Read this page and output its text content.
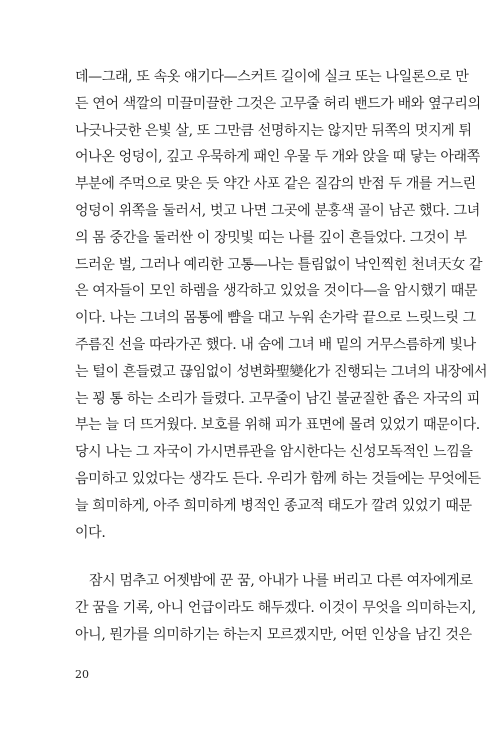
데—그래, 또 속옷 얘기다—스커트 길이에 실크 또는 나일론으로 만
든 연어 색깔의 미끌미끌한 그것은 고무줄 허리 밴드가 배와 옆구리의
나긋나긋한 은빛 살, 또 그만큼 선명하지는 않지만 뒤쪽의 멋지게 튀
어나온 엉덩이, 깊고 우묵하게 패인 우물 두 개와 앉을 때 닿는 아래쪽
부분에 주먹으로 맞은 듯 약간 사포 같은 질감의 반점 두 개를 거느린
엉덩이 위쪽을 둘러서, 벗고 나면 그곳에 분홍색 골이 남곤 했다. 그녀
의 몸 중간을 둘러싼 이 장밋빛 띠는 나를 깊이 흔들었다. 그것이 부
드러운 벌, 그러나 예리한 고통—나는 틀림없이 낙인찍힌 천녀天女 같
은 여자들이 모인 하렘을 생각하고 있었을 것이다—을 암시했기 때문
이다. 나는 그녀의 몸통에 뺨을 대고 누워 손가락 끝으로 느릿느릿 그
주름진 선을 따라가곤 했다. 내 숨에 그녀 배 밑의 거무스름하게 빛나
는 털이 흔들렸고 끊임없이 성변화聖變化가 진행되는 그녀의 내장에서
는 꾕 통 하는 소리가 들렸다. 고무줄이 남긴 불균질한 좁은 자국의 피
부는 늘 더 뜨거웠다. 보호를 위해 피가 표면에 몰려 있었기 때문이다.
당시 나는 그 자국이 가시면류관을 암시한다는 신성모독적인 느낌을
음미하고 있었다는 생각도 든다. 우리가 함께 하는 것들에는 무엇에든
늘 희미하게, 아주 희미하게 병적인 종교적 태도가 깔려 있었기 때문
이다.
잠시 멈추고 어젯밤에 꾼 꿈, 아내가 나를 버리고 다른 여자에게로
간 꿈을 기록, 아니 언급이라도 해두겠다. 이것이 무엇을 의미하는지,
아니, 뭔가를 의미하기는 하는지 모르겠지만, 어떤 인상을 남긴 것은
20
